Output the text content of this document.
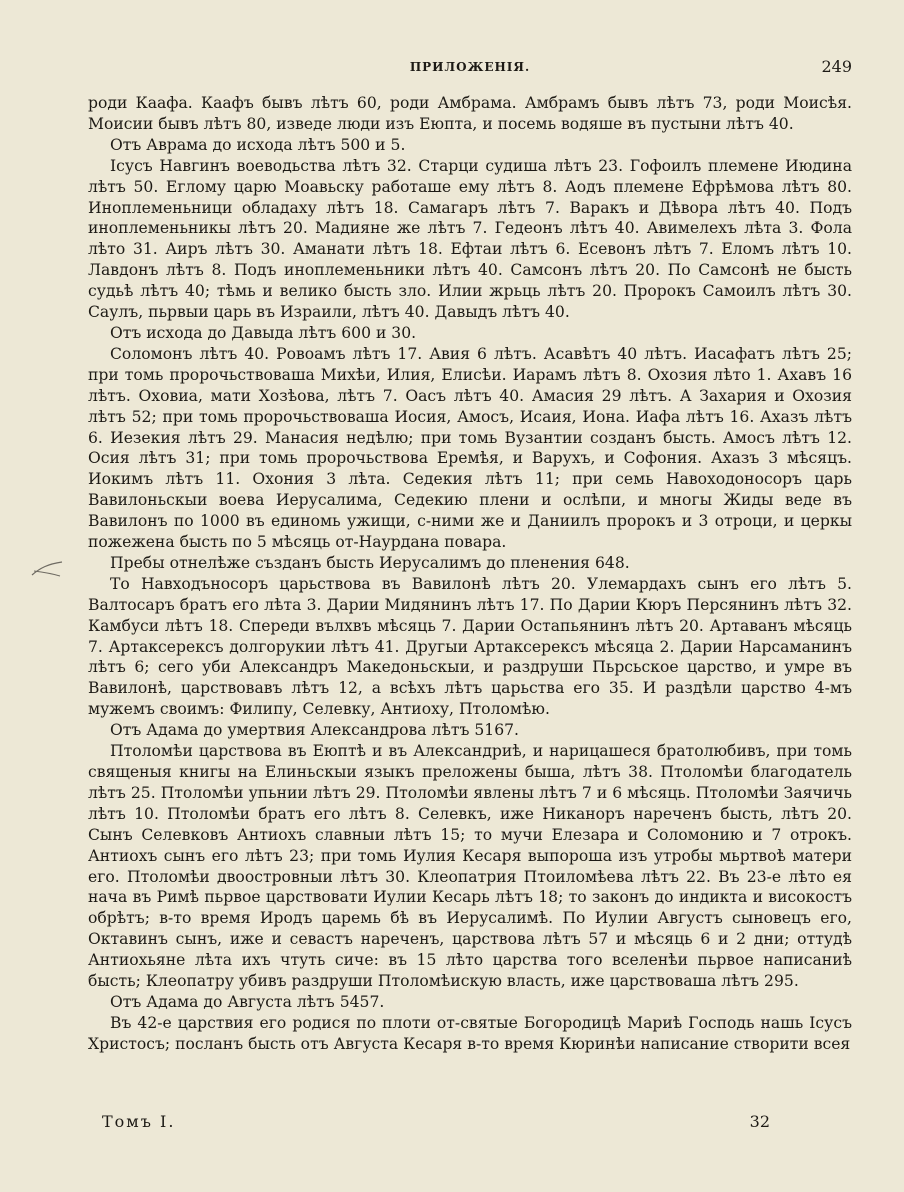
ПРИЛОЖЕНІЯ.	249

роди Каафа. Каафъ бывъ лѣтъ 60, роди Амбрама. Амбрамъ бывъ лѣтъ 73, роди Моисѣя. Моисии бывъ лѣтъ 80, изведе люди изъ Еюпта, и посемь водяше въ пустыни лѣтъ 40.

Отъ Аврама до исхода лѣтъ 500 и 5.

Ісусъ Навгинъ воеводьства лѣтъ 32. Старци судиша лѣтъ 23. Гофоилъ племене Июдина лѣтъ 50. Еглому царю Моавьску работаше ему лѣтъ 8. Аодъ племене Ефрѣмова лѣтъ 80. Иноплеменьници обладаху лѣтъ 18. Самагаръ лѣтъ 7. Варакъ и Дѣвора лѣтъ 40. Подъ иноплеменьникы лѣтъ 20. Мадияне же лѣтъ 7. Гедеонъ лѣтъ 40. Авимелехъ лѣта 3. Фола лѣто 31. Аиръ лѣтъ 30. Аманати лѣтъ 18. Ефтаи лѣтъ 6. Есевонъ лѣтъ 7. Еломъ лѣтъ 10. Лавдонъ лѣтъ 8. Подъ иноплеменьники лѣтъ 40. Самсонъ лѣтъ 20. По Самсонѣ не бысть судьѣ лѣтъ 40; тѣмь и велико бысть зло. Илии жрьць лѣтъ 20. Пророкъ Самоилъ лѣтъ 30. Саулъ, пьрвыи царь въ Израили, лѣтъ 40. Давыдъ лѣтъ 40.

Отъ исхода до Давыда лѣтъ 600 и 30.

Соломонъ лѣтъ 40. Ровоамъ лѣтъ 17. Авия 6 лѣтъ. Асавѣтъ 40 лѣтъ. Иасафатъ лѣтъ 25; при томь пророчьствоваша Михѣи, Илия, Елисѣи. Иарамъ лѣтъ 8. Охозия лѣто 1. Ахавъ 16 лѣтъ. Оховиа, мати Хозѣова, лѣтъ 7. Оасъ лѣтъ 40. Амасия 29 лѣтъ. А Захария и Охозия лѣтъ 52; при томь пророчьствоваша Иосия, Амосъ, Исаия, Иона. Иафа лѣтъ 16. Ахазъ лѣтъ 6. Иезекия лѣтъ 29. Манасия недѣлю; при томь Вузантии созданъ бысть. Амосъ лѣтъ 12. Осия лѣтъ 31; при томь пророчьствова Еремѣя, и Варухъ, и Софония. Ахазъ 3 мѣсяцъ. Иокимъ лѣтъ 11. Охония 3 лѣта. Седекия лѣтъ 11; при семь Навоходоносоръ царь Вавилоньскыи воева Иерусалима, Седекию плени и ослѣпи, и многы Жиды веде въ Вавилонъ по 1000 въ единомь ужищи, с-ними же и Даниилъ пророкъ и 3 отроци, и церкы пожежена бысть по 5 мѣсяць от-Наурдана повара.

Пребы отнелѣже създанъ бысть Иерусалимъ до пленения 648.

То Навходъносоръ царьствова въ Вавилонѣ лѣтъ 20. Улемардахъ сынъ его лѣтъ 5. Валтосаръ братъ его лѣта 3. Дарии Мидянинъ лѣтъ 17. По Дарии Кюръ Персянинъ лѣтъ 32. Камбуси лѣтъ 18. Спереди вълхвъ мѣсяць 7. Дарии Остапьянинъ лѣтъ 20. Артаванъ мѣсяць 7. Артаксерексъ долгорукии лѣтъ 41. Другыи Артаксерексъ мѣсяца 2. Дарии Нарсаманинъ лѣтъ 6; сего уби Александръ Македоньскыи, и раздруши Пьрсьское царство, и умре въ Вавилонѣ, царствовавъ лѣтъ 12, а всѣхъ лѣтъ царьства его 35. И раздѣли царство 4-мъ мужемъ своимъ: Филипу, Селевку, Антиоху, Птоломѣю.

Отъ Адама до умертвия Александрова лѣтъ 5167.

Птоломѣи царствова въ Еюптѣ и въ Александриѣ, и нарицашеся братолюбивъ, при томь священыя книгы на Елиньскыи языкъ преложены быша, лѣтъ 38. Птоломѣи благодатель лѣтъ 25. Птоломѣи упьнии лѣтъ 29. Птоломѣи явлены лѣтъ 7 и 6 мѣсяць. Птоломѣи Заячичь лѣтъ 10. Птоломѣи братъ его лѣтъ 8. Селевкъ, иже Никаноръ нареченъ бысть, лѣтъ 20. Сынъ Селевковъ Антиохъ славныи лѣтъ 15; то мучи Елезара и Соломонию и 7 отрокъ. Антиохъ сынъ его лѣтъ 23; при томь Иулия Кесаря выпороша изъ утробы мьртвоѣ матери его. Птоломѣи двоостровныи лѣтъ 30. Клеопатрия Птоиломѣева лѣтъ 22. Въ 23-е лѣто ея нача въ Римѣ пьрвое царствовати Иулии Кесарь лѣтъ 18; то законъ до индикта и високостъ обрѣтъ; в-то время Иродъ царемь бѣ въ Иерусалимѣ. По Иулии Августъ сыновецъ его, Октавинъ сынъ, иже и севастъ нареченъ, царствова лѣтъ 57 и мѣсяць 6 и 2 дни; оттудѣ Антиохьяне лѣта ихъ чтуть сиче: въ 15 лѣто царства того вселенѣи пьрвое написаниѣ бысть; Клеопатру убивъ раздруши Птоломѣискую власть, иже царствоваша лѣтъ 295.

Отъ Адама до Августа лѣтъ 5457.

Въ 42-е царствия его родися по плоти от-святые Богородицѣ Мариѣ Господь нашь Ісусъ Христосъ; посланъ бысть отъ Августа Кесаря в-то время Кюринѣи написание створити всея

Томъ I.	32
